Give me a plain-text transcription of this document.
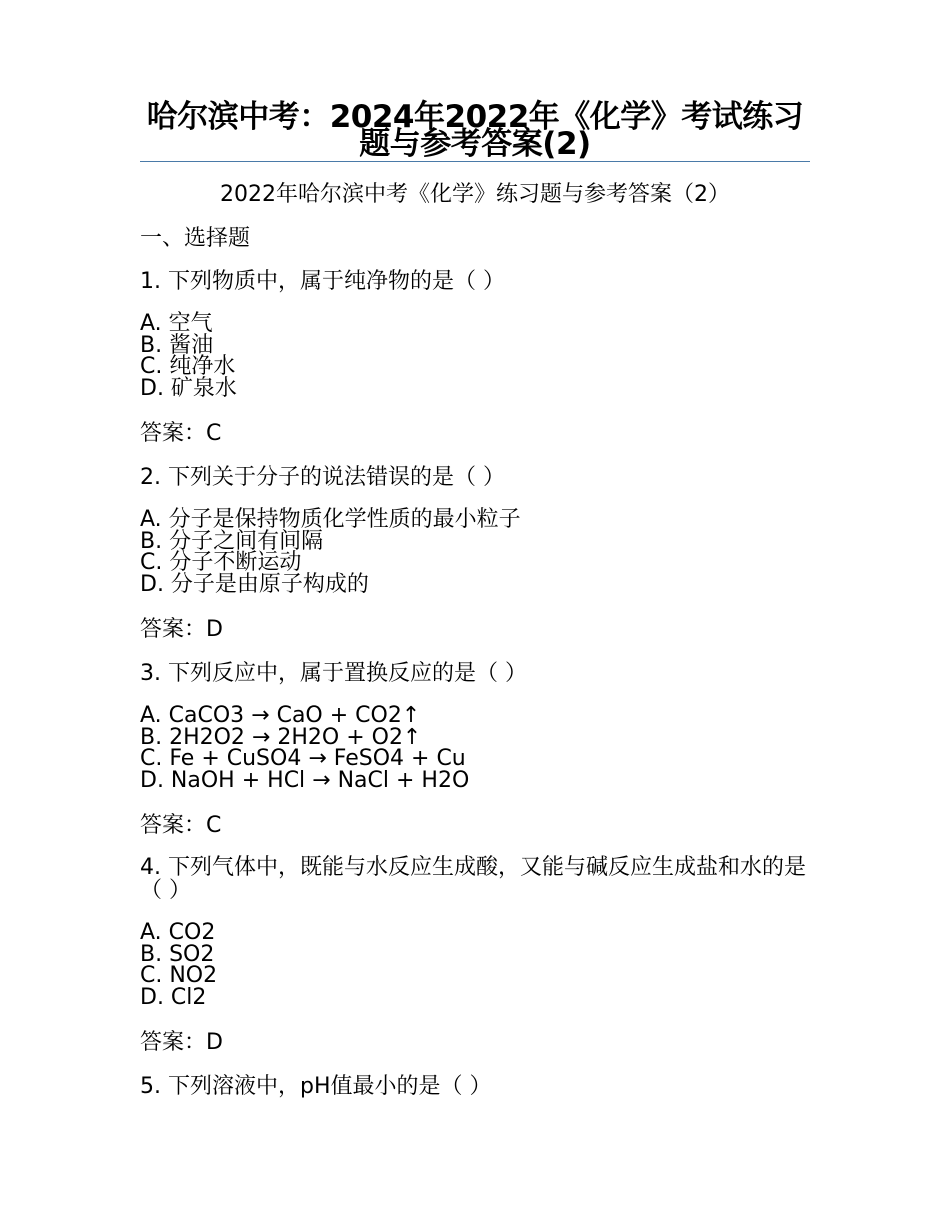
哈尔滨中考：2024年2022年《化学》考试练习题与参考答案(2)
2022年哈尔滨中考《化学》练习题与参考答案（2）
一、选择题
1. 下列物质中，属于纯净物的是（ ）
A. 空气
B. 酱油
C. 纯净水
D. 矿泉水
答案：C
2. 下列关于分子的说法错误的是（ ）
A. 分子是保持物质化学性质的最小粒子
B. 分子之间有间隔
C. 分子不断运动
D. 分子是由原子构成的
答案：D
3. 下列反应中，属于置换反应的是（ ）
A. CaCO3 → CaO + CO2↑
B. 2H2O2 → 2H2O + O2↑
C. Fe + CuSO4 → FeSO4 + Cu
D. NaOH + HCl → NaCl + H2O
答案：C
4. 下列气体中，既能与水反应生成酸，又能与碱反应生成盐和水的是（ ）
A. CO2
B. SO2
C. NO2
D. Cl2
答案：D
5. 下列溶液中，pH值最小的是（ ）
